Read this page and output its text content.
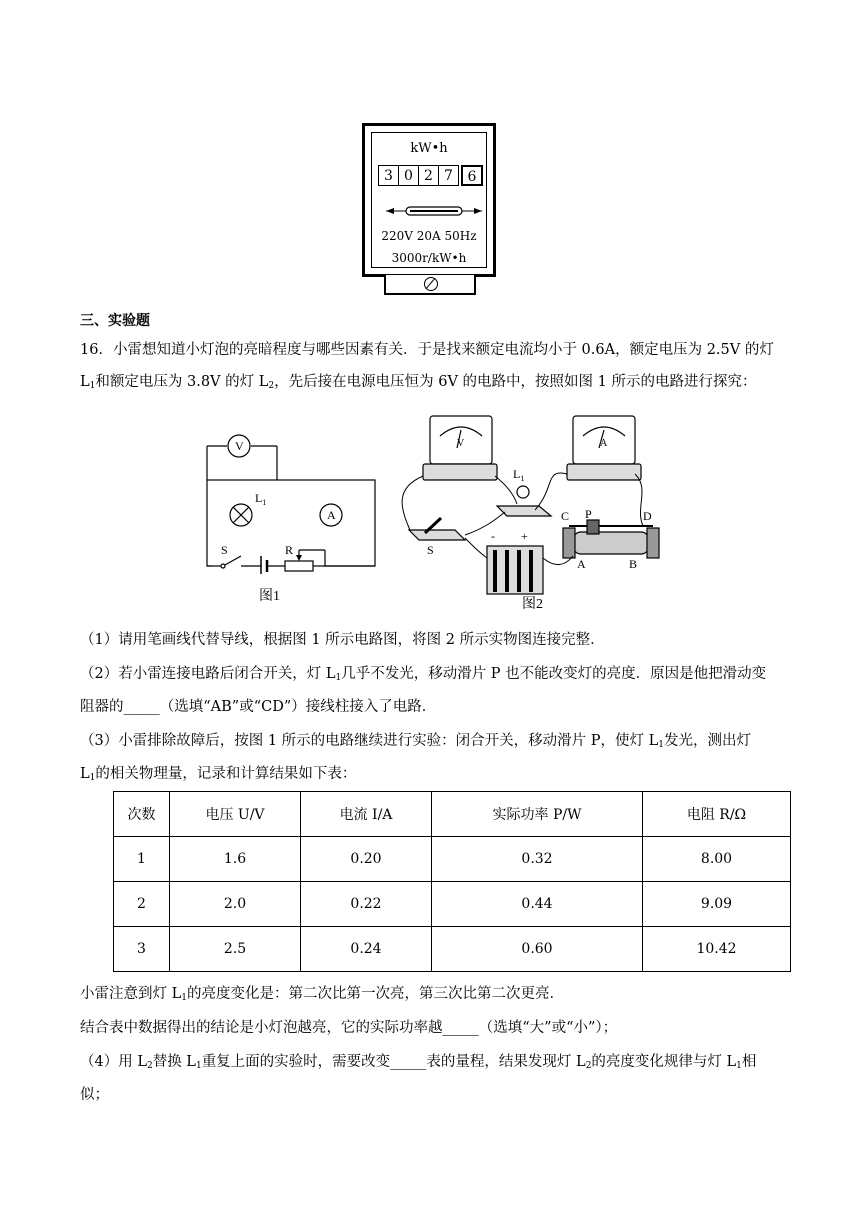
kW•h
3 0 2 7	6
220V 20A 50Hz
3000r/kW•h
三、实验题
16．小雷想知道小灯泡的亮暗程度与哪些因素有关．于是找来额定电流均小于 0.6A，额定电压为 2.5V 的灯
$L_1$和额定电压为 3.8V 的灯 $L_2$，先后接在电源电压恒为 6V 的电路中，按照如图 1 所示的电路进行探究：
V
A
$L_1$
S	R
图1
V	A
$L_1$
S
- +
C P	D
A	B
图2
（1）请用笔画线代替导线，根据图 1 所示电路图，将图 2 所示实物图连接完整．
（2）若小雷连接电路后闭合开关，灯 $L_1$几乎不发光，移动滑片 P 也不能改变灯的亮度．原因是他把滑动变
阻器的_____（选填“AB”或“CD”）接线柱接入了电路．
（3）小雷排除故障后，按图 1 所示的电路继续进行实验：闭合开关，移动滑片 P，使灯 $L_1$发光，测出灯
$L_1$的相关物理量，记录和计算结果如下表：
次数	电压 U/V	电流 I/A	实际功率 P/W	电阻 R/Ω
1	1.6	0.20	0.32	8.00
2	2.0	0.22	0.44	9.09
3	2.5	0.24	0.60	10.42
小雷注意到灯 $L_1$的亮度变化是：第二次比第一次亮，第三次比第二次更亮．
结合表中数据得出的结论是小灯泡越亮，它的实际功率越_____（选填“大”或“小”）；
（4）用 $L_2$替换 $L_1$重复上面的实验时，需要改变_____表的量程，结果发现灯 $L_2$的亮度变化规律与灯 $L_1$相
似；
